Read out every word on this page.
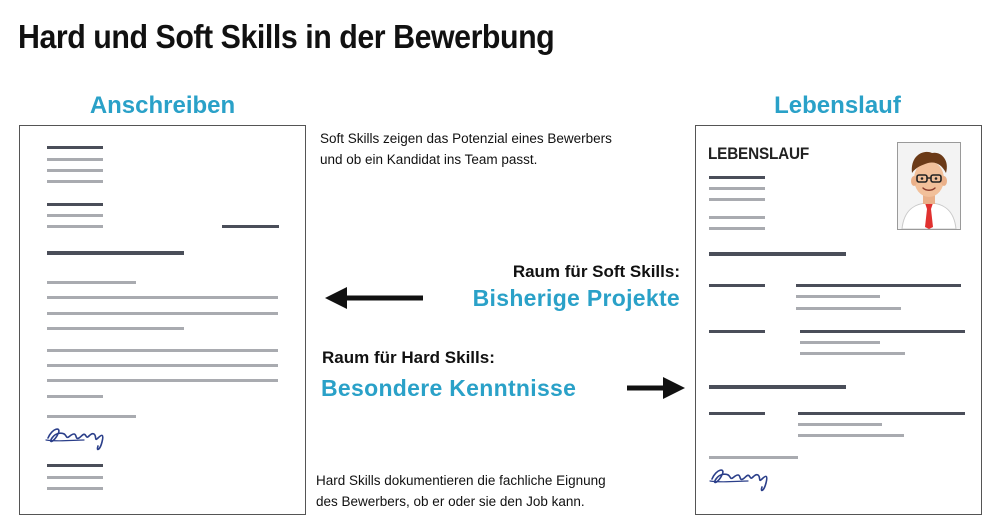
Hard und Soft Skills in der Bewerbung
Anschreiben	Lebenslauf
LEBENSLAUF
Soft Skills zeigen das Potenzial eines Bewerbers
und ob ein Kandidat ins Team passt.
Raum für Soft Skills:
Bisherige Projekte
Raum für Hard Skills:
Besondere Kenntnisse
Hard Skills dokumentieren die fachliche Eignung
des Bewerbers, ob er oder sie den Job kann.
